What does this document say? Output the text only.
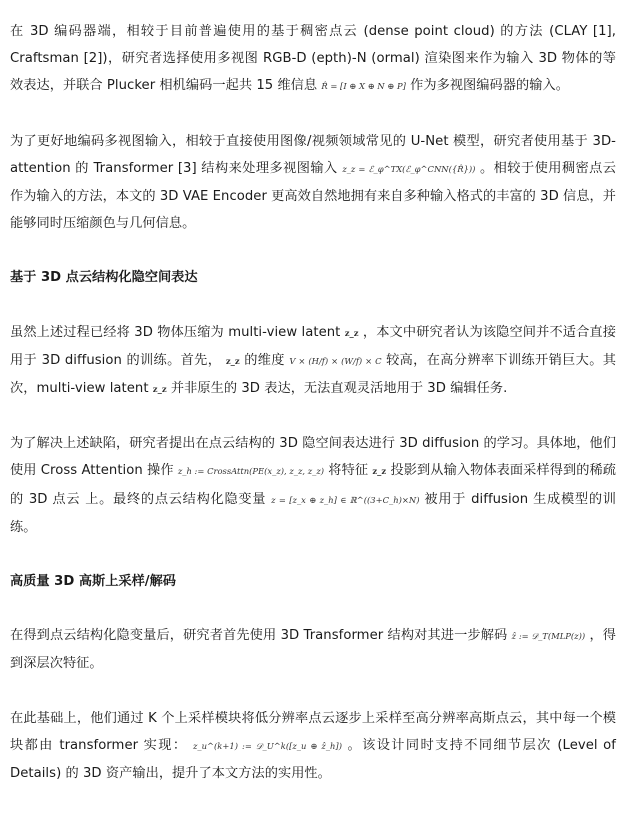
在 3D 编码器端，相较于目前普遍使用的基于稠密点云 (dense point cloud) 的方法 (CLAY [1], Craftsman [2])，研究者选择使用多视图 RGB-D (epth)-N (ormal) 渲染图来作为输入 3D 物体的等效表达，并联合 Plucker 相机编码一起共 15 维信息 R̂ = [I ⊕ X ⊕ N ⊕ P] 作为多视图编码器的输入。

为了更好地编码多视图输入，相较于直接使用图像/视频领域常见的 U-Net 模型，研究者使用基于 3D-attention 的 Transformer [3] 结构来处理多视图输入 z_z = ℰ_φ^TX(ℰ_φ^CNN({R̂})) 。相较于使用稠密点云作为输入的方法，本文的 3D VAE Encoder 更高效自然地拥有来自多种输入格式的丰富的 3D 信息，并能够同时压缩颜色与几何信息。

基于 3D 点云结构化隐空间表达

虽然上述过程已经将 3D 物体压缩为 multi-view latent z_z ，本文中研究者认为该隐空间并不适合直接用于 3D diffusion 的训练。首先， z_z 的维度 V × (H/f) × (W/f) × C 较高，在高分辨率下训练开销巨大。其次，multi-view latent z_z 并非原生的 3D 表达，无法直观灵活地用于 3D 编辑任务.

为了解决上述缺陷，研究者提出在点云结构的 3D 隐空间表达进行 3D diffusion 的学习。具体地，他们使用 Cross Attention 操作 z_h := CrossAttn(PE(x_z), z_z, z_z) 将特征 z_z 投影到从输入物体表面采样得到的稀疏的 3D 点云 上。最终的点云结构化隐变量 z = [z_x ⊕ z_h] ∈ ℝ^((3+C_h)×N) 被用于 diffusion 生成模型的训练。

高质量 3D 高斯上采样/解码

在得到点云结构化隐变量后，研究者首先使用 3D Transformer 结构对其进一步解码 ẑ := 𝒟_T(MLP(z)) ，得到深层次特征。

在此基础上，他们通过 K 个上采样模块将低分辨率点云逐步上采样至高分辨率高斯点云，其中每一个模块都由 transformer 实现： z_u^(k+1) := 𝒟_U^k([z_u ⊕ ẑ_h]) 。该设计同时支持不同细节层次 (Level of Details) 的 3D 资产输出，提升了本文方法的实用性。
